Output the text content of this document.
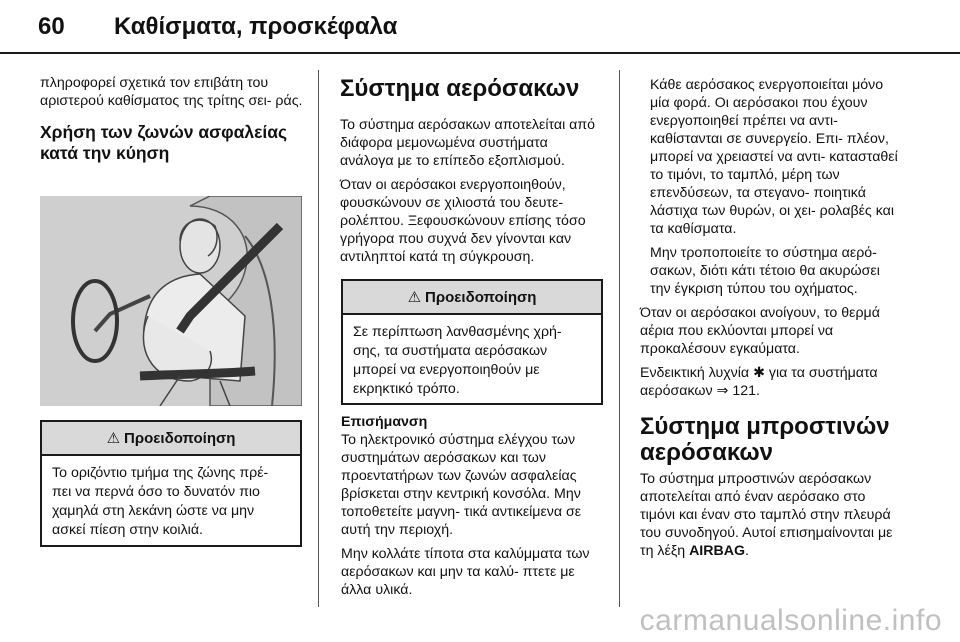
60 Καθίσματα, προσκέφαλα

πληροφορεί σχετικά τον επιβάτη του αριστερού καθίσματος της τρίτης σει- ράς.

Χρήση των ζωνών ασφαλείας κατά την κύηση

⚠ Προειδοποίηση
Το οριζόντιο τμήμα της ζώνης πρέ- πει να περνά όσο το δυνατόν πιο χαμηλά στη λεκάνη ώστε να μην ασκεί πίεση στην κοιλιά.

Σύστημα αερόσακων

Το σύστημα αερόσακων αποτελείται από διάφορα μεμονωμένα συστήματα ανάλογα με το επίπεδο εξοπλισμού.

Όταν οι αερόσακοι ενεργοποιηθούν, φουσκώνουν σε χιλιοστά του δευτε- ρολέπτου. Ξεφουσκώνουν επίσης τόσο γρήγορα που συχνά δεν γίνονται καν αντιληπτοί κατά τη σύγκρουση.

⚠ Προειδοποίηση
Σε περίπτωση λανθασμένης χρή- σης, τα συστήματα αερόσακων μπορεί να ενεργοποιηθούν με εκρηκτικό τρόπο.

Επισήμανση

Το ηλεκτρονικό σύστημα ελέγχου των συστημάτων αερόσακων και των προεντατήρων των ζωνών ασφαλείας βρίσκεται στην κεντρική κονσόλα. Μην τοποθετείτε μαγνη- τικά αντικείμενα σε αυτή την περιοχή.

Μην κολλάτε τίποτα στα καλύμματα των αερόσακων και μην τα καλύ- πτετε με άλλα υλικά.

Κάθε αερόσακος ενεργοποιείται μόνο μία φορά. Οι αερόσακοι που έχουν ενεργοποιηθεί πρέπει να αντι- καθίστανται σε συνεργείο. Επι- πλέον, μπορεί να χρειαστεί να αντι- κατασταθεί το τιμόνι, το ταμπλό, μέρη των επενδύσεων, τα στεγανο- ποιητικά λάστιχα των θυρών, οι χει- ρολαβές και τα καθίσματα.

Μην τροποποιείτε το σύστημα αερό- σακων, διότι κάτι τέτοιο θα ακυρώσει την έγκριση τύπου του οχήματος.

Όταν οι αερόσακοι ανοίγουν, το θερμά αέρια που εκλύονται μπορεί να προκαλέσουν εγκαύματα.

Ενδεικτική λυχνία ✱ για τα συστήματα αερόσακων ⇒ 121.

Σύστημα μπροστινών αερόσακων

Το σύστημα μπροστινών αερόσακων αποτελείται από έναν αερόσακο στο τιμόνι και έναν στο ταμπλό στην πλευρά του συνοδηγού. Αυτοί επισημαίνονται με τη λέξη AIRBAG.

carmanualsonline.info
